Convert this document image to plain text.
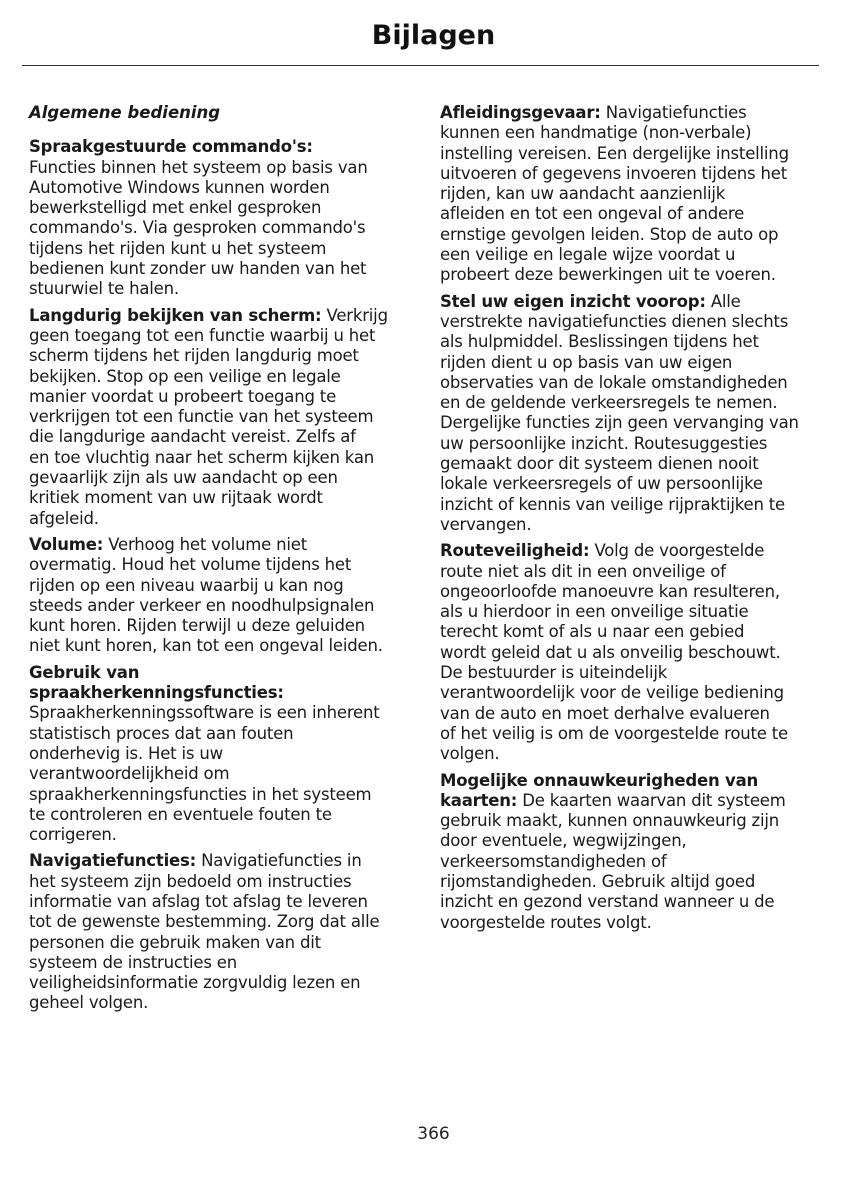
Bijlagen
Algemene bediening

Spraakgestuurde commando's:
Functies binnen het systeem op basis van
Automotive Windows kunnen worden
bewerkstelligd met enkel gesproken
commando's. Via gesproken commando's
tijdens het rijden kunt u het systeem
bedienen kunt zonder uw handen van het
stuurwiel te halen.

Langdurig bekijken van scherm: Verkrijg
geen toegang tot een functie waarbij u het
scherm tijdens het rijden langdurig moet
bekijken. Stop op een veilige en legale
manier voordat u probeert toegang te
verkrijgen tot een functie van het systeem
die langdurige aandacht vereist. Zelfs af
en toe vluchtig naar het scherm kijken kan
gevaarlijk zijn als uw aandacht op een
kritiek moment van uw rijtaak wordt
afgeleid.

Volume: Verhoog het volume niet
overmatig. Houd het volume tijdens het
rijden op een niveau waarbij u kan nog
steeds ander verkeer en noodhulpsignalen
kunt horen. Rijden terwijl u deze geluiden
niet kunt horen, kan tot een ongeval leiden.

Gebruik van
spraakherkenningsfuncties:
Spraakherkenningssoftware is een inherent
statistisch proces dat aan fouten
onderhevig is. Het is uw
verantwoordelijkheid om
spraakherkenningsfuncties in het systeem
te controleren en eventuele fouten te
corrigeren.

Navigatiefuncties: Navigatiefuncties in
het systeem zijn bedoeld om instructies
informatie van afslag tot afslag te leveren
tot de gewenste bestemming. Zorg dat alle
personen die gebruik maken van dit
systeem de instructies en
veiligheidsinformatie zorgvuldig lezen en
geheel volgen.

Afleidingsgevaar: Navigatiefuncties
kunnen een handmatige (non-verbale)
instelling vereisen. Een dergelijke instelling
uitvoeren of gegevens invoeren tijdens het
rijden, kan uw aandacht aanzienlijk
afleiden en tot een ongeval of andere
ernstige gevolgen leiden. Stop de auto op
een veilige en legale wijze voordat u
probeert deze bewerkingen uit te voeren.

Stel uw eigen inzicht voorop: Alle
verstrekte navigatiefuncties dienen slechts
als hulpmiddel. Beslissingen tijdens het
rijden dient u op basis van uw eigen
observaties van de lokale omstandigheden
en de geldende verkeersregels te nemen.
Dergelijke functies zijn geen vervanging van
uw persoonlijke inzicht. Routesuggesties
gemaakt door dit systeem dienen nooit
lokale verkeersregels of uw persoonlijke
inzicht of kennis van veilige rijpraktijken te
vervangen.

Routeveiligheid: Volg de voorgestelde
route niet als dit in een onveilige of
ongeoorloofde manoeuvre kan resulteren,
als u hierdoor in een onveilige situatie
terecht komt of als u naar een gebied
wordt geleid dat u als onveilig beschouwt.
De bestuurder is uiteindelijk
verantwoordelijk voor de veilige bediening
van de auto en moet derhalve evalueren
of het veilig is om de voorgestelde route te
volgen.

Mogelijke onnauwkeurigheden van
kaarten: De kaarten waarvan dit systeem
gebruik maakt, kunnen onnauwkeurig zijn
door eventuele, wegwijzingen,
verkeersomstandigheden of
rijomstandigheden. Gebruik altijd goed
inzicht en gezond verstand wanneer u de
voorgestelde routes volgt.

366
